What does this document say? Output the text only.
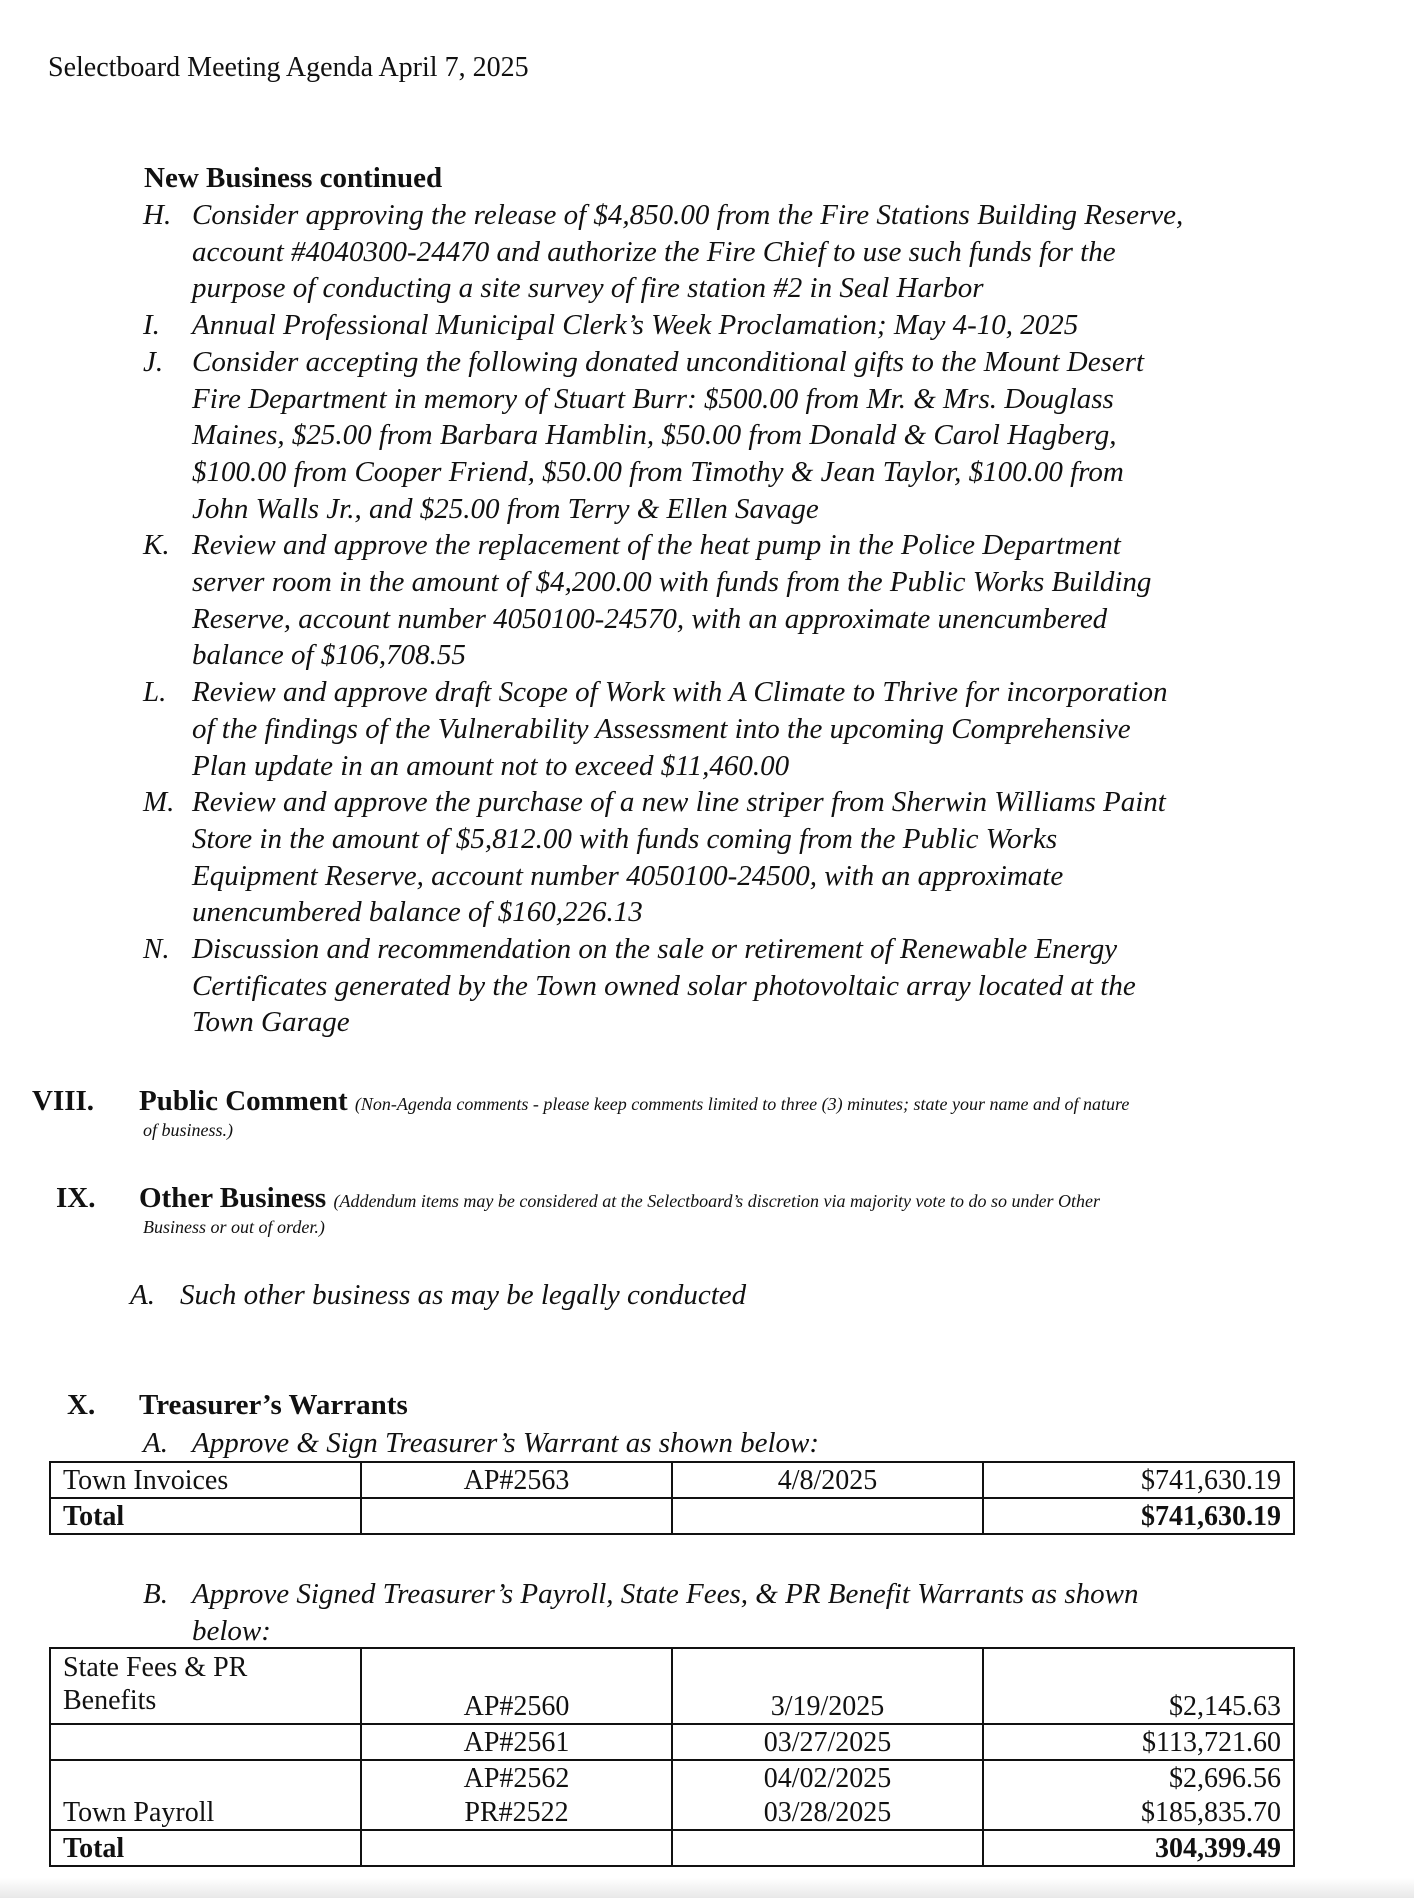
Selectboard Meeting Agenda April 7, 2025
New Business continued
H. Consider approving the release of $4,850.00 from the Fire Stations Building Reserve,
account #4040300-24470 and authorize the Fire Chief to use such funds for the
purpose of conducting a site survey of fire station #2 in Seal Harbor
I. Annual Professional Municipal Clerk’s Week Proclamation; May 4-10, 2025
J. Consider accepting the following donated unconditional gifts to the Mount Desert
Fire Department in memory of Stuart Burr: $500.00 from Mr. & Mrs. Douglass
Maines, $25.00 from Barbara Hamblin, $50.00 from Donald & Carol Hagberg,
$100.00 from Cooper Friend, $50.00 from Timothy & Jean Taylor, $100.00 from
John Walls Jr., and $25.00 from Terry & Ellen Savage
K. Review and approve the replacement of the heat pump in the Police Department
server room in the amount of $4,200.00 with funds from the Public Works Building
Reserve, account number 4050100-24570, with an approximate unencumbered
balance of $106,708.55
L. Review and approve draft Scope of Work with A Climate to Thrive for incorporation
of the findings of the Vulnerability Assessment into the upcoming Comprehensive
Plan update in an amount not to exceed $11,460.00
M. Review and approve the purchase of a new line striper from Sherwin Williams Paint
Store in the amount of $5,812.00 with funds coming from the Public Works
Equipment Reserve, account number 4050100-24500, with an approximate
unencumbered balance of $160,226.13
N. Discussion and recommendation on the sale or retirement of Renewable Energy
Certificates generated by the Town owned solar photovoltaic array located at the
Town Garage
VIII. Public Comment (Non-Agenda comments - please keep comments limited to three (3) minutes; state your name and of nature
of business.)
IX. Other Business (Addendum items may be considered at the Selectboard’s discretion via majority vote to do so under Other
Business or out of order.)
A. Such other business as may be legally conducted
X. Treasurer’s Warrants
A. Approve & Sign Treasurer’s Warrant as shown below:
Town Invoices	AP#2563	4/8/2025	$741,630.19
Total			$741,630.19
B. Approve Signed Treasurer’s Payroll, State Fees, & PR Benefit Warrants as shown
below:
State Fees & PR
Benefits	AP#2560	3/19/2025	$2,145.63
	AP#2561	03/27/2025	$113,721.60
	AP#2562	04/02/2025	$2,696.56
Town Payroll	PR#2522	03/28/2025	$185,835.70
Total			304,399.49
